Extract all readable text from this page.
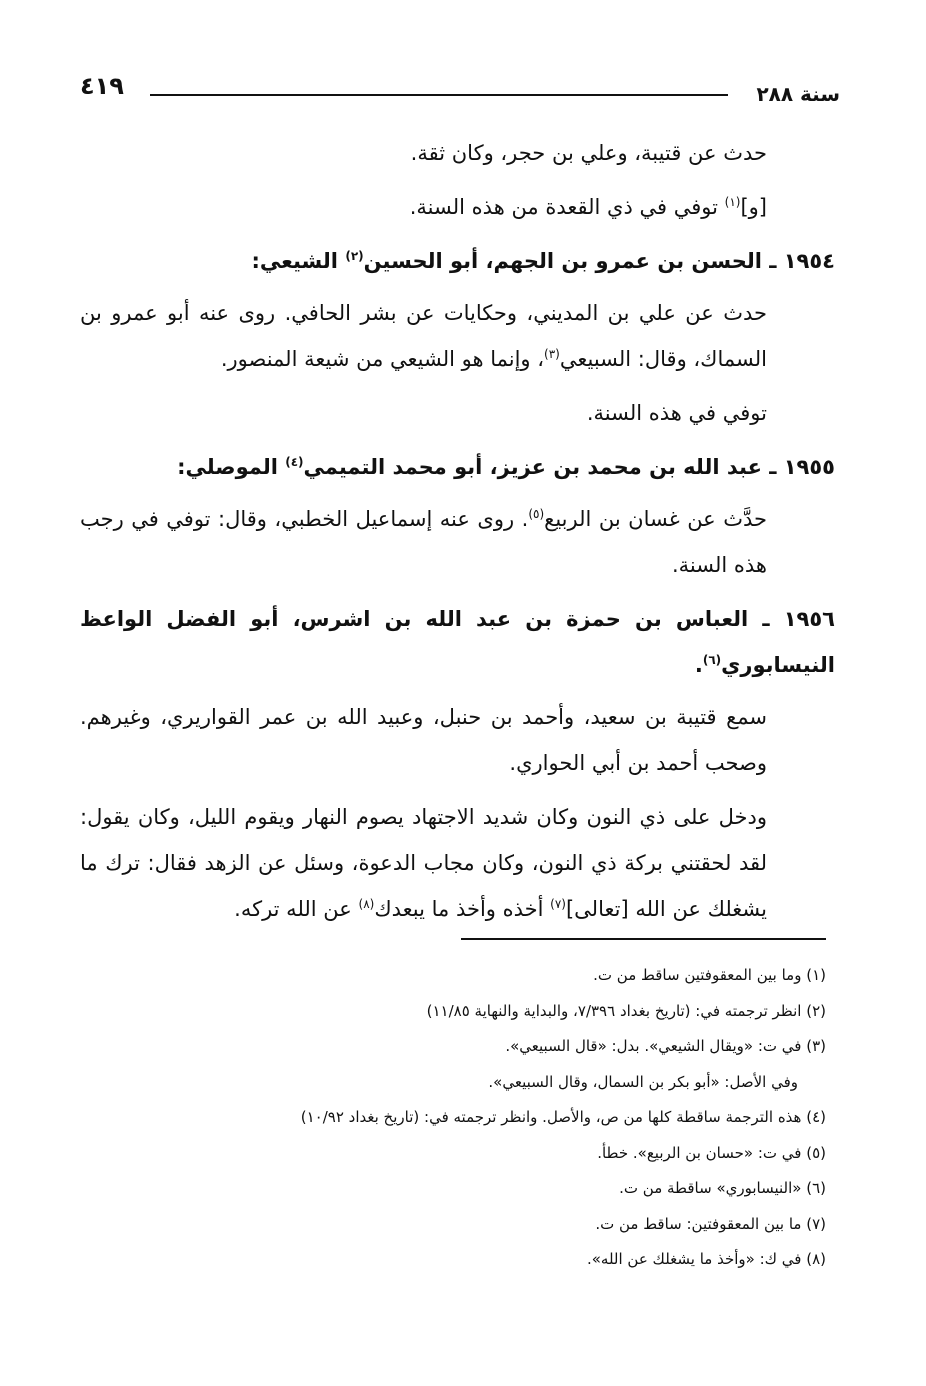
سنة ٢٨٨
٤١٩

حدث عن قتيبة، وعلي بن حجر، وكان ثقة.

[و]$^{(١)}$ توفي في ذي القعدة من هذه السنة.

١٩٥٤ ـ الحسن بن عمرو بن الجهم، أبو الحسين$^{(٢)}$ الشيعي:

حدث عن علي بن المديني، وحكايات عن بشر الحافي. روى عنه أبو عمرو بن السماك، وقال: السبيعي$^{(٣)}$، وإنما هو الشيعي من شيعة المنصور.

توفي في هذه السنة.

١٩٥٥ ـ عبد الله بن محمد بن عزيز، أبو محمد التميمي$^{(٤)}$ الموصلي:

حدَّث عن غسان بن الربيع$^{(٥)}$. روى عنه إسماعيل الخطبي، وقال: توفي في رجب هذه السنة.

١٩٥٦ ـ العباس بن حمزة بن عبد الله بن اشرس، أبو الفضل الواعظ النيسابوري$^{(٦)}$.

سمع قتيبة بن سعيد، وأحمد بن حنبل، وعبيد الله بن عمر القواريري، وغيرهم. وصحب أحمد بن أبي الحواري.

ودخل على ذي النون وكان شديد الاجتهاد يصوم النهار ويقوم الليل، وكان يقول: لقد لحقتني بركة ذي النون، وكان مجاب الدعوة، وسئل عن الزهد فقال: ترك ما يشغلك عن الله [تعالى]$^{(٧)}$ أخذه وأخذ ما يبعدك$^{(٨)}$ عن الله تركه.

(١) وما بين المعقوفتين ساقط من ت.
(٢) انظر ترجمته في: (تاريخ بغداد ٧/٣٩٦، والبداية والنهاية ١١/٨٥)
(٣) في ت: «ويقال الشيعي». بدل: «قال السبيعي».
وفي الأصل: «أبو بكر بن السمال، وقال السبيعي».
(٤) هذه الترجمة ساقطة كلها من ص، والأصل. وانظر ترجمته في: (تاريخ بغداد ١٠/٩٢)
(٥) في ت: «حسان بن الربيع». خطأ.
(٦) «النيسابوري» ساقطة من ت.
(٧) ما بين المعقوفتين: ساقط من ت.
(٨) في ك: «وأخذ ما يشغلك عن الله».
